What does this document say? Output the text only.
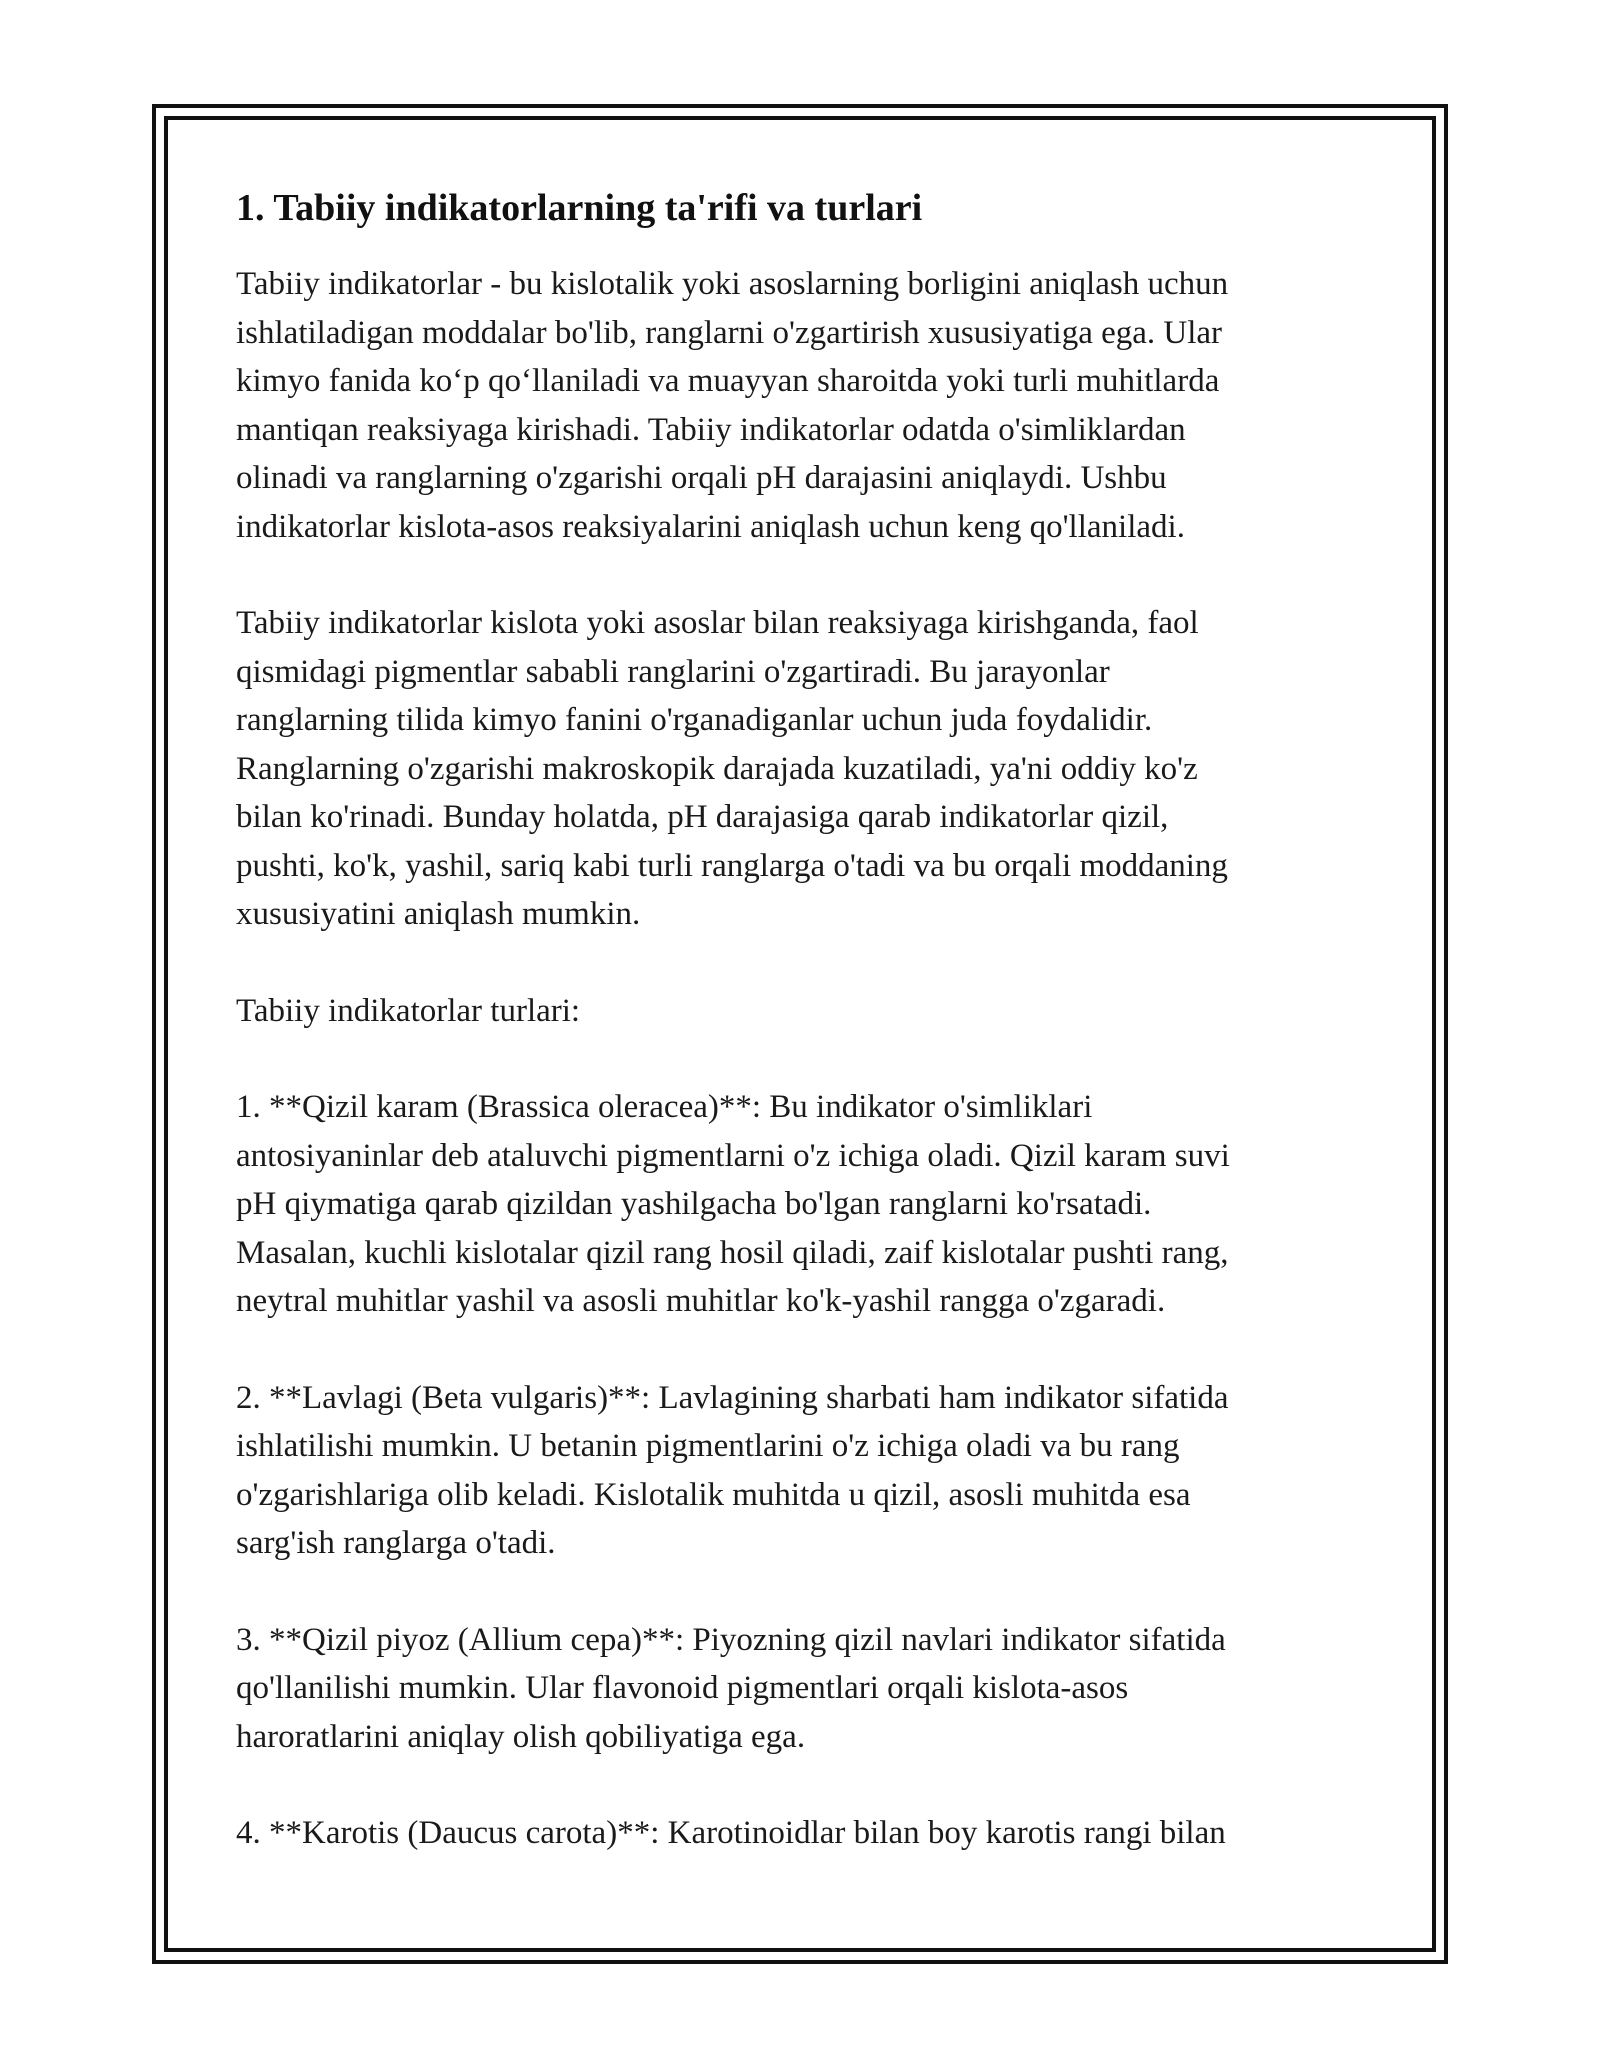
1. Tabiiy indikatorlarning ta'rifi va turlari

Tabiiy indikatorlar - bu kislotalik yoki asoslarning borligini aniqlash uchun
ishlatiladigan moddalar bo'lib, ranglarni o'zgartirish xususiyatiga ega. Ular
kimyo fanida koʻp qoʻllaniladi va muayyan sharoitda yoki turli muhitlarda
mantiqan reaksiyaga kirishadi. Tabiiy indikatorlar odatda o'simliklardan
olinadi va ranglarning o'zgarishi orqali pH darajasini aniqlaydi. Ushbu
indikatorlar kislota-asos reaksiyalarini aniqlash uchun keng qo'llaniladi.

Tabiiy indikatorlar kislota yoki asoslar bilan reaksiyaga kirishganda, faol
qismidagi pigmentlar sababli ranglarini o'zgartiradi. Bu jarayonlar
ranglarning tilida kimyo fanini o'rganadiganlar uchun juda foydalidir.
Ranglarning o'zgarishi makroskopik darajada kuzatiladi, ya'ni oddiy ko'z
bilan ko'rinadi. Bunday holatda, pH darajasiga qarab indikatorlar qizil,
pushti, ko'k, yashil, sariq kabi turli ranglarga o'tadi va bu orqali moddaning
xususiyatini aniqlash mumkin.

Tabiiy indikatorlar turlari:

1. **Qizil karam (Brassica oleracea)**: Bu indikator o'simliklari
antosiyaninlar deb ataluvchi pigmentlarni o'z ichiga oladi. Qizil karam suvi
pH qiymatiga qarab qizildan yashilgacha bo'lgan ranglarni ko'rsatadi.
Masalan, kuchli kislotalar qizil rang hosil qiladi, zaif kislotalar pushti rang,
neytral muhitlar yashil va asosli muhitlar ko'k-yashil rangga o'zgaradi.

2. **Lavlagi (Beta vulgaris)**: Lavlagining sharbati ham indikator sifatida
ishlatilishi mumkin. U betanin pigmentlarini o'z ichiga oladi va bu rang
o'zgarishlariga olib keladi. Kislotalik muhitda u qizil, asosli muhitda esa
sarg'ish ranglarga o'tadi.

3. **Qizil piyoz (Allium cepa)**: Piyozning qizil navlari indikator sifatida
qo'llanilishi mumkin. Ular flavonoid pigmentlari orqali kislota-asos
haroratlarini aniqlay olish qobiliyatiga ega.

4. **Karotis (Daucus carota)**: Karotinoidlar bilan boy karotis rangi bilan
